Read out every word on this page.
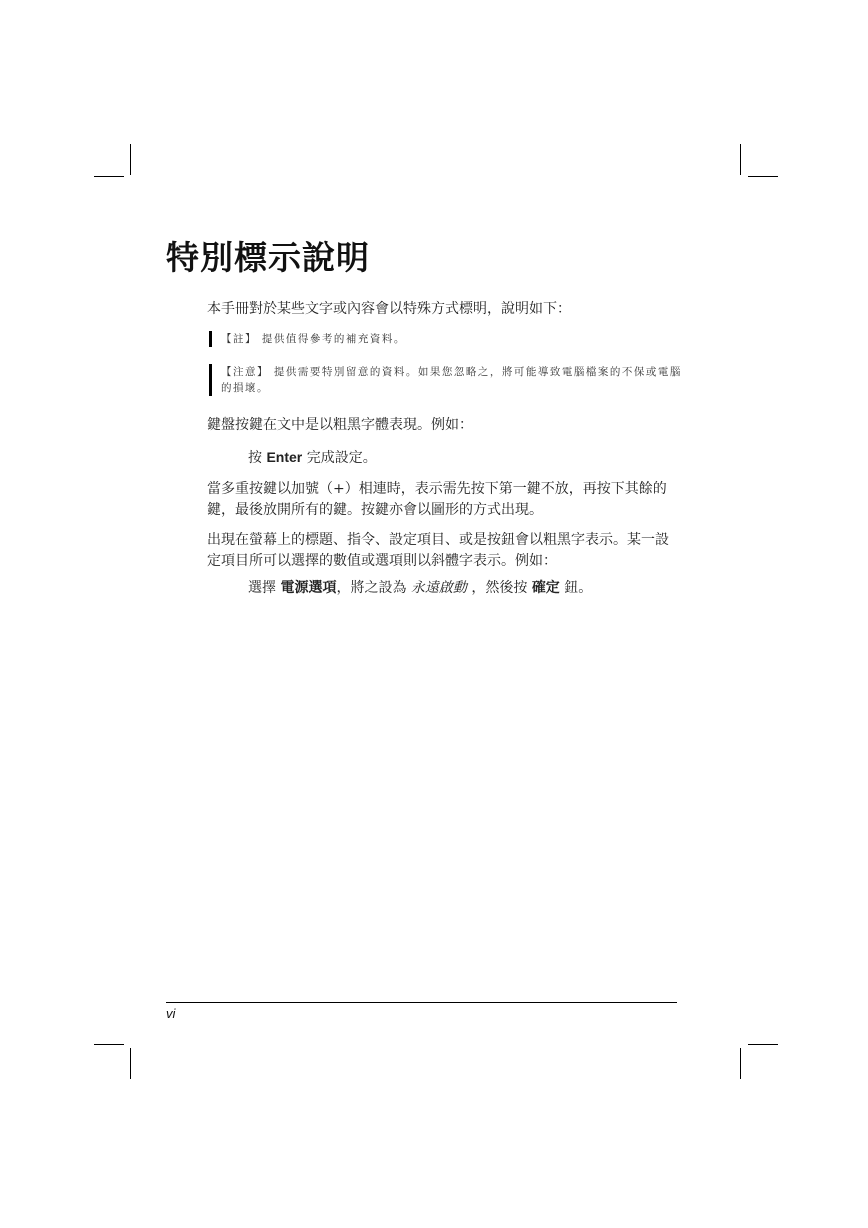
特別標示說明
本手冊對於某些文字或內容會以特殊方式標明，說明如下：
【註】 提供值得參考的補充資料。
【注意】 提供需要特別留意的資料。如果您忽略之，將可能導致電腦檔案的不保或電腦的損壞。
鍵盤按鍵在文中是以粗黑字體表現。例如：
按 Enter 完成設定。
當多重按鍵以加號（+）相連時，表示需先按下第一鍵不放，再按下其餘的鍵，最後放開所有的鍵。按鍵亦會以圖形的方式出現。
出現在螢幕上的標題、指令、設定項目、或是按鈕會以粗黑字表示。某一設定項目所可以選擇的數值或選項則以斜體字表示。例如：
選擇 電源選項，將之設為 永遠啟動 ，然後按 確定 鈕。
vi
